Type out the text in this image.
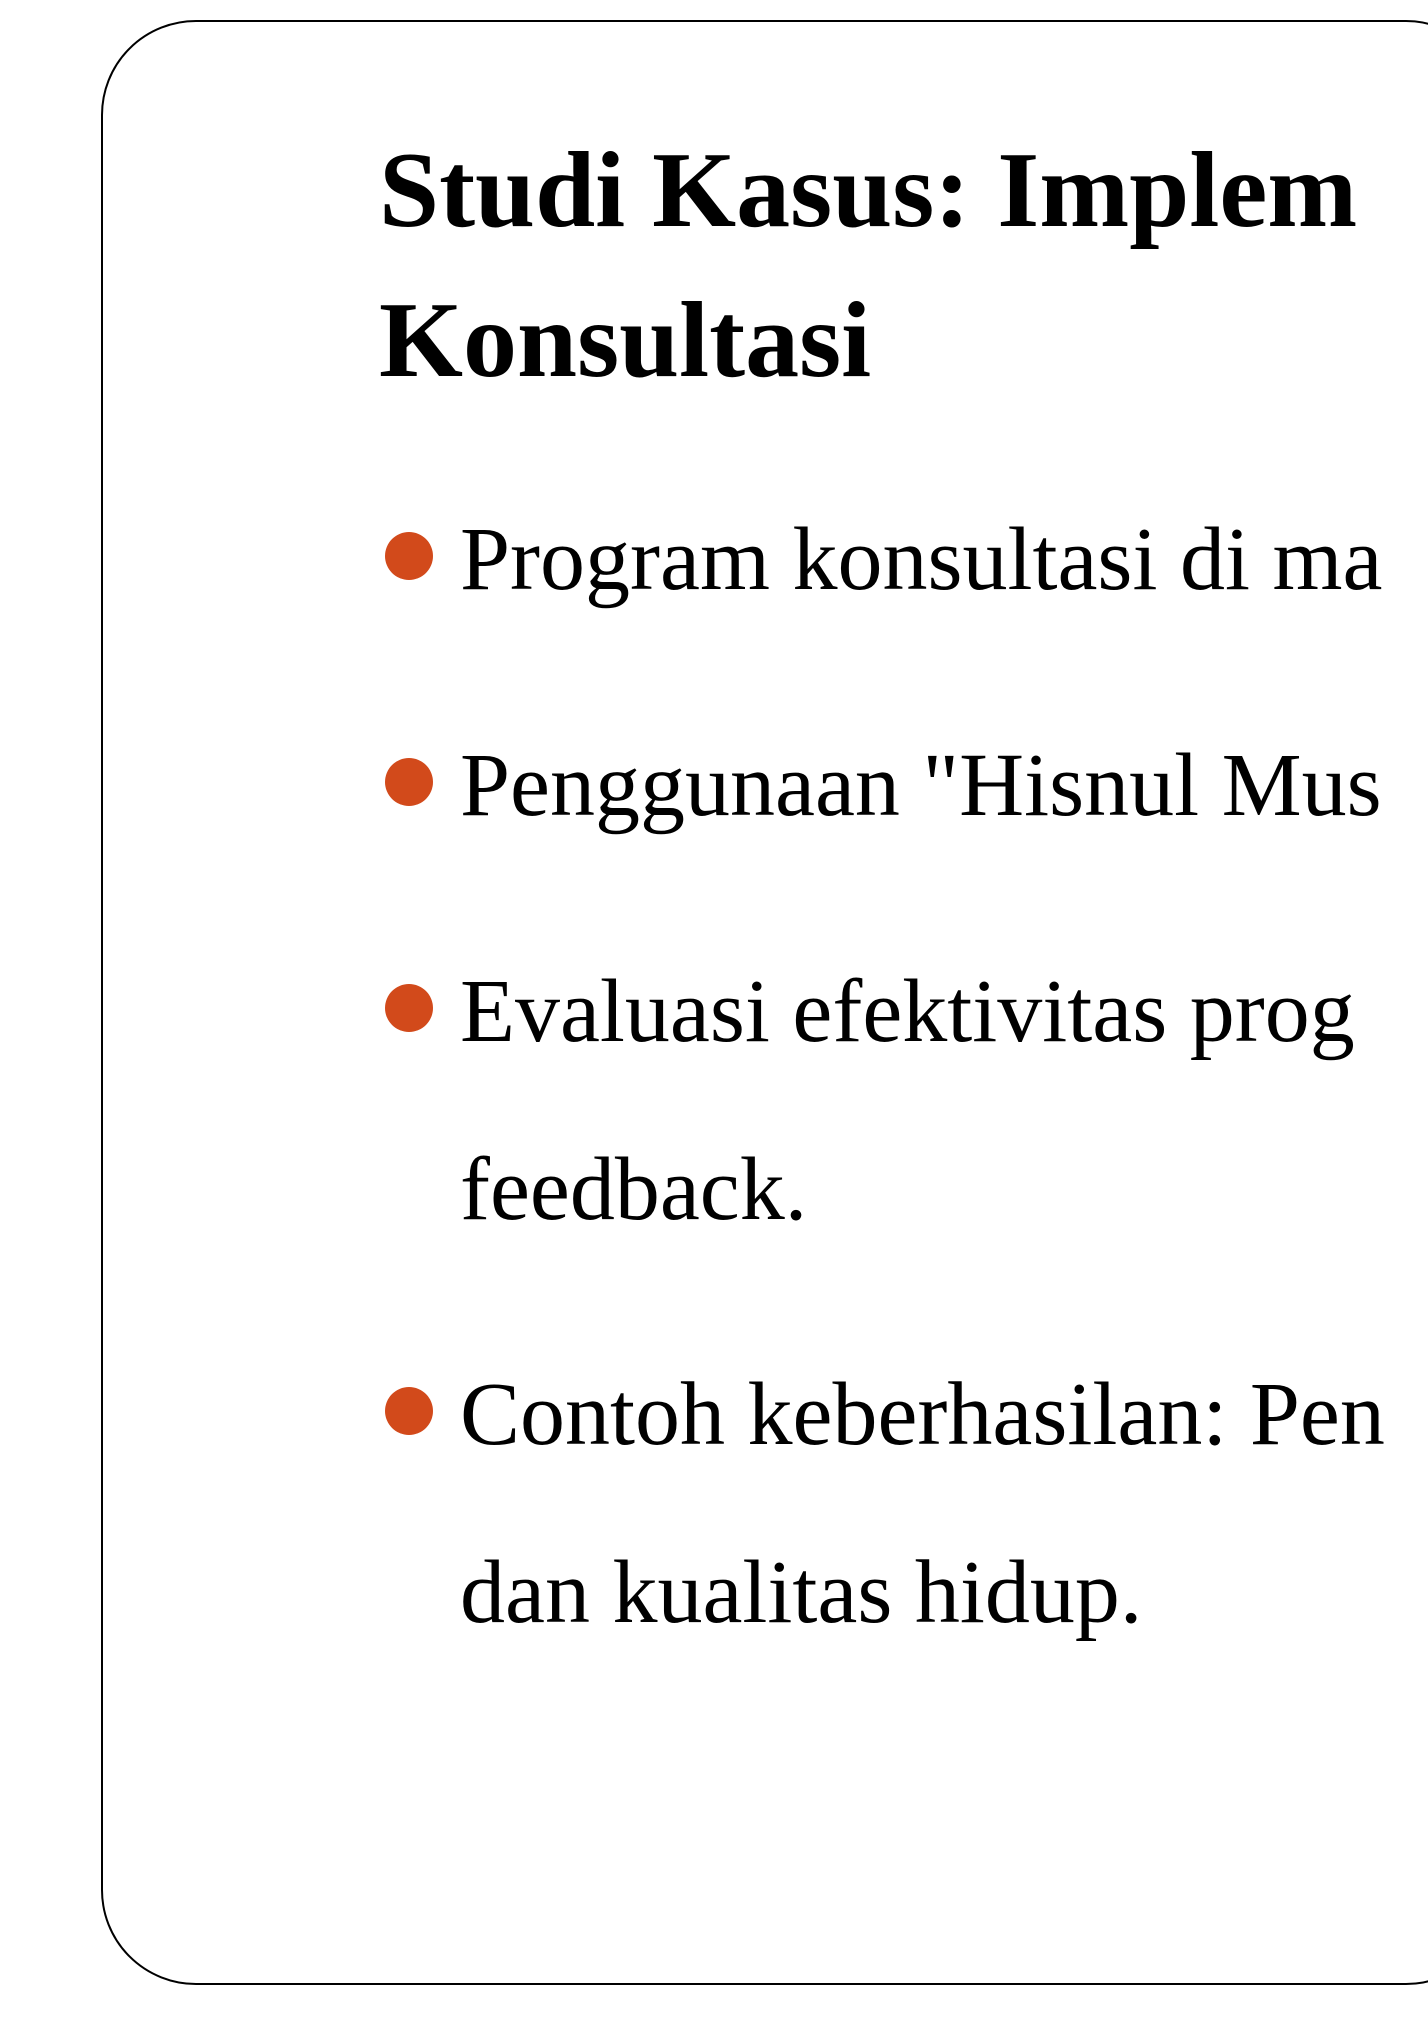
Studi Kasus: Implem
Konsultasi

Program konsultasi di ma

Penggunaan "Hisnul Mus

Evaluasi efektivitas prog

feedback.

Contoh keberhasilan: Pen

dan kualitas hidup.
